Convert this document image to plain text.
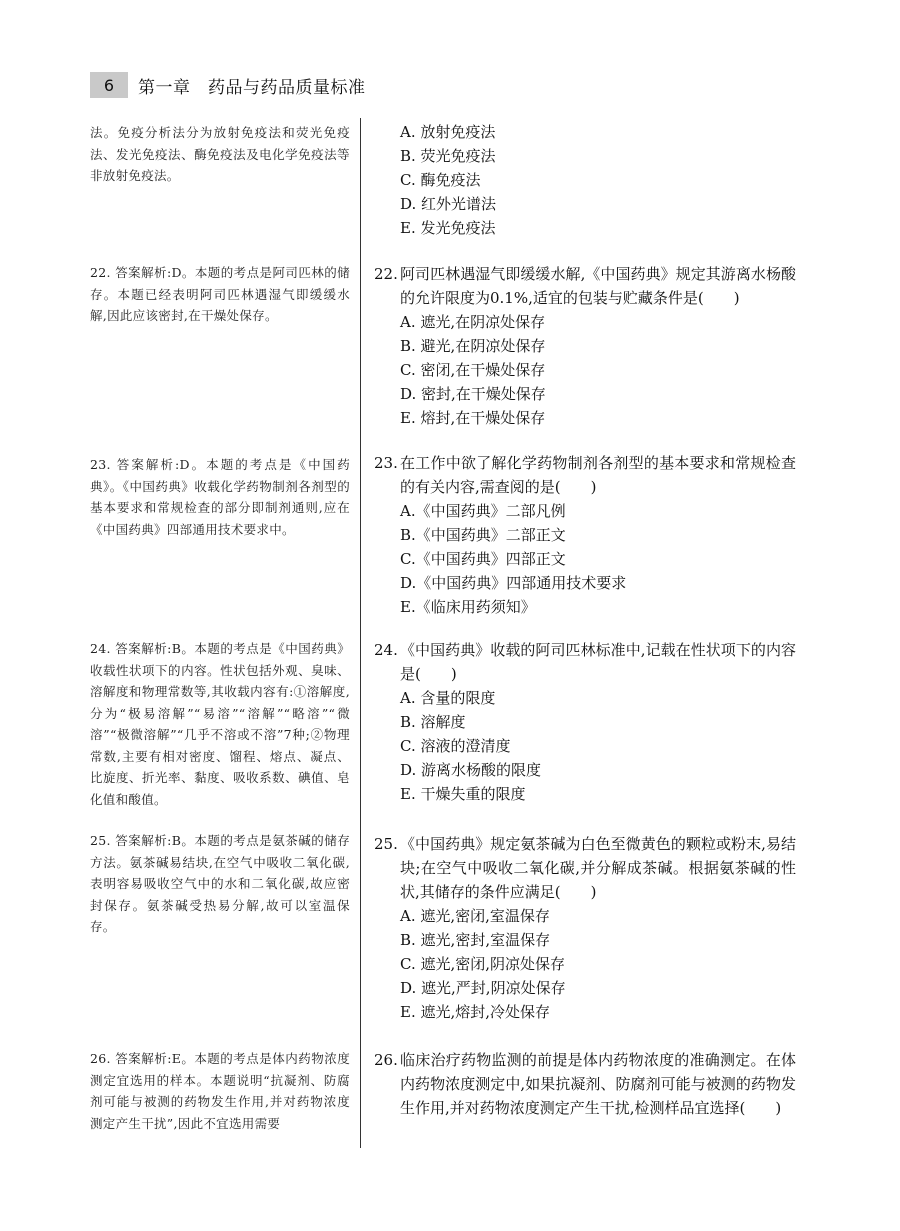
6	第一章　药品与药品质量标准
法。免疫分析法分为放射免疫法和荧光免疫法、发光免疫法、酶免疫法及电化学免疫法等非放射免疫法。
22. 答案解析:D。本题的考点是阿司匹林的储存。本题已经表明阿司匹林遇湿气即缓缓水解,因此应该密封,在干燥处保存。
23. 答案解析:D。本题的考点是《中国药典》。《中国药典》收载化学药物制剂各剂型的基本要求和常规检查的部分即制剂通则,应在《中国药典》四部通用技术要求中。
24. 答案解析:B。本题的考点是《中国药典》收载性状项下的内容。性状包括外观、臭味、溶解度和物理常数等,其收载内容有:①溶解度,分为“极易溶解”“易溶”“溶解”“略溶”“微溶”“极微溶解”“几乎不溶或不溶”7种;②物理常数,主要有相对密度、馏程、熔点、凝点、比旋度、折光率、黏度、吸收系数、碘值、皂化值和酸值。
25. 答案解析:B。本题的考点是氨茶碱的储存方法。氨茶碱易结块,在空气中吸收二氧化碳,表明容易吸收空气中的水和二氧化碳,故应密封保存。氨茶碱受热易分解,故可以室温保存。
26. 答案解析:E。本题的考点是体内药物浓度测定宜选用的样本。本题说明“抗凝剂、防腐剂可能与被测的药物发生作用,并对药物浓度测定产生干扰”,因此不宜选用需要
A. 放射免疫法
B. 荧光免疫法
C. 酶免疫法
D. 红外光谱法
E. 发光免疫法
22. 阿司匹林遇湿气即缓缓水解,《中国药典》规定其游离水杨酸的允许限度为0.1%,适宜的包装与贮藏条件是(　　)
A. 遮光,在阴凉处保存
B. 避光,在阴凉处保存
C. 密闭,在干燥处保存
D. 密封,在干燥处保存
E. 熔封,在干燥处保存
23. 在工作中欲了解化学药物制剂各剂型的基本要求和常规检查的有关内容,需查阅的是(　　)
A.《中国药典》二部凡例
B.《中国药典》二部正文
C.《中国药典》四部正文
D.《中国药典》四部通用技术要求
E.《临床用药须知》
24. 《中国药典》收载的阿司匹林标准中,记载在性状项下的内容是(　　)
A. 含量的限度
B. 溶解度
C. 溶液的澄清度
D. 游离水杨酸的限度
E. 干燥失重的限度
25. 《中国药典》规定氨茶碱为白色至微黄色的颗粒或粉末,易结块;在空气中吸收二氧化碳,并分解成茶碱。根据氨茶碱的性状,其储存的条件应满足(　　)
A. 遮光,密闭,室温保存
B. 遮光,密封,室温保存
C. 遮光,密闭,阴凉处保存
D. 遮光,严封,阴凉处保存
E. 遮光,熔封,冷处保存
26. 临床治疗药物监测的前提是体内药物浓度的准确测定。在体内药物浓度测定中,如果抗凝剂、防腐剂可能与被测的药物发生作用,并对药物浓度测定产生干扰,检测样品宜选择(　　)
